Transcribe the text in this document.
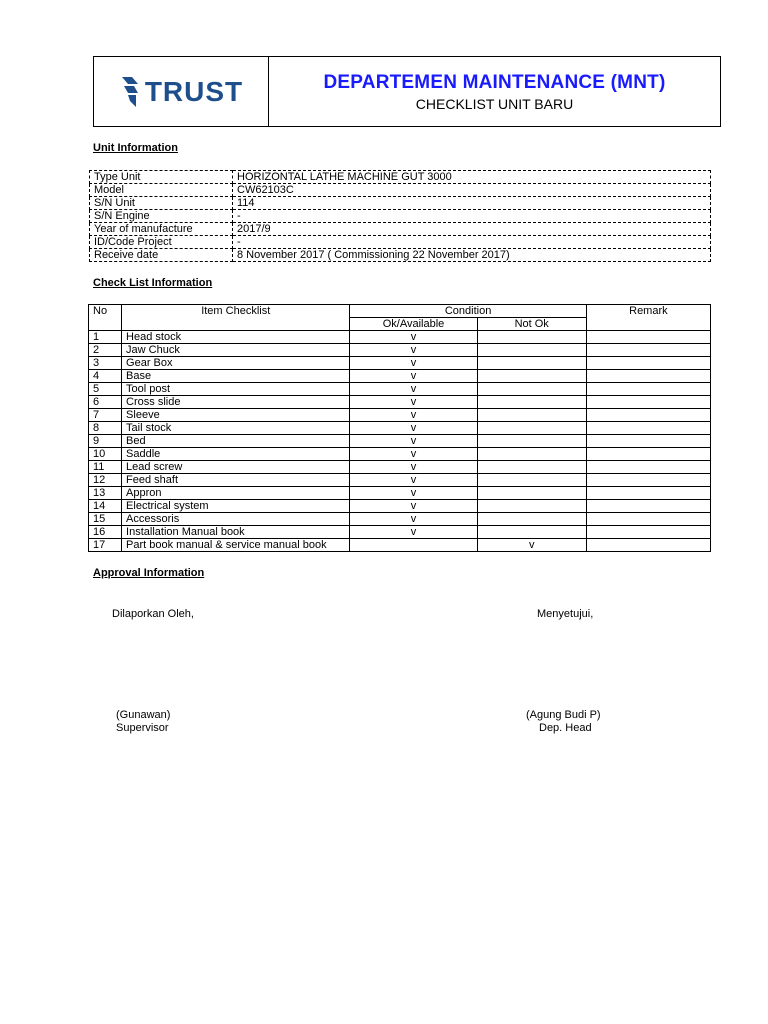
TRUST	DEPARTEMEN MAINTENANCE (MNT)
CHECKLIST UNIT BARU
Unit Information
Type Unit	HORIZONTAL LATHE MACHINE GUT 3000
Model	CW62103C
S/N Unit	114
S/N Engine	-
Year of manufacture	2017/9
ID/Code Project	-
Receive date	8 November 2017 ( Commissioning 22 November 2017)
Check List Information
No	Item Checklist	Condition		Remark
		Ok/Available	Not Ok	
1	Head stock	v		
2	Jaw Chuck	v		
3	Gear Box	v		
4	Base	v		
5	Tool post	v		
6	Cross slide	v		
7	Sleeve	v		
8	Tail stock	v		
9	Bed	v		
10	Saddle	v		
11	Lead screw	v		
12	Feed shaft	v		
13	Appron	v		
14	Electrical system	v		
15	Accessoris	v		
16	Installation Manual book	v		
17	Part book manual & service manual book		v	
Approval Information
Dilaporkan Oleh,	Menyetujui,
(Gunawan)
Supervisor
(Agung Budi P)
Dep. Head
